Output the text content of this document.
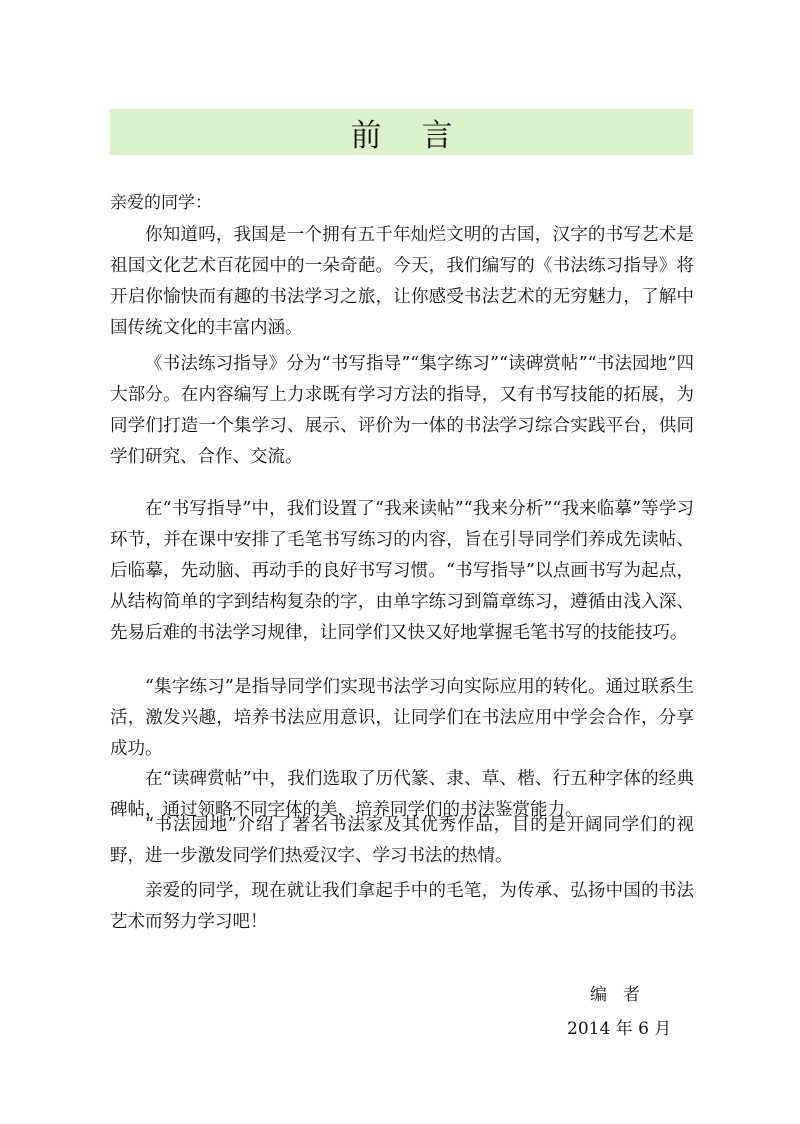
前言

亲爱的同学：

你知道吗，我国是一个拥有五千年灿烂文明的古国，汉字的书写艺术是祖国文化艺术百花园中的一朵奇葩。今天，我们编写的《书法练习指导》将开启你愉快而有趣的书法学习之旅，让你感受书法艺术的无穷魅力，了解中国传统文化的丰富内涵。

《书法练习指导》分为“书写指导”“集字练习”“读碑赏帖”“书法园地”四大部分。在内容编写上力求既有学习方法的指导，又有书写技能的拓展，为同学们打造一个集学习、展示、评价为一体的书法学习综合实践平台，供同学们研究、合作、交流。

在“书写指导”中，我们设置了“我来读帖”“我来分析”“我来临摹”等学习环节，并在课中安排了毛笔书写练习的内容，旨在引导同学们养成先读帖、后临摹，先动脑、再动手的良好书写习惯。“书写指导”以点画书写为起点，从结构简单的字到结构复杂的字，由单字练习到篇章练习，遵循由浅入深、先易后难的书法学习规律，让同学们又快又好地掌握毛笔书写的技能技巧。

“集字练习”是指导同学们实现书法学习向实际应用的转化。通过联系生活，激发兴趣，培养书法应用意识，让同学们在书法应用中学会合作，分享成功。

在“读碑赏帖”中，我们选取了历代篆、隶、草、楷、行五种字体的经典碑帖，通过领略不同字体的美，培养同学们的书法鉴赏能力。

“书法园地”介绍了著名书法家及其优秀作品，目的是开阔同学们的视野，进一步激发同学们热爱汉字、学习书法的热情。

亲爱的同学，现在就让我们拿起手中的毛笔，为传承、弘扬中国的书法艺术而努力学习吧！

编者

2014 年 6 月
